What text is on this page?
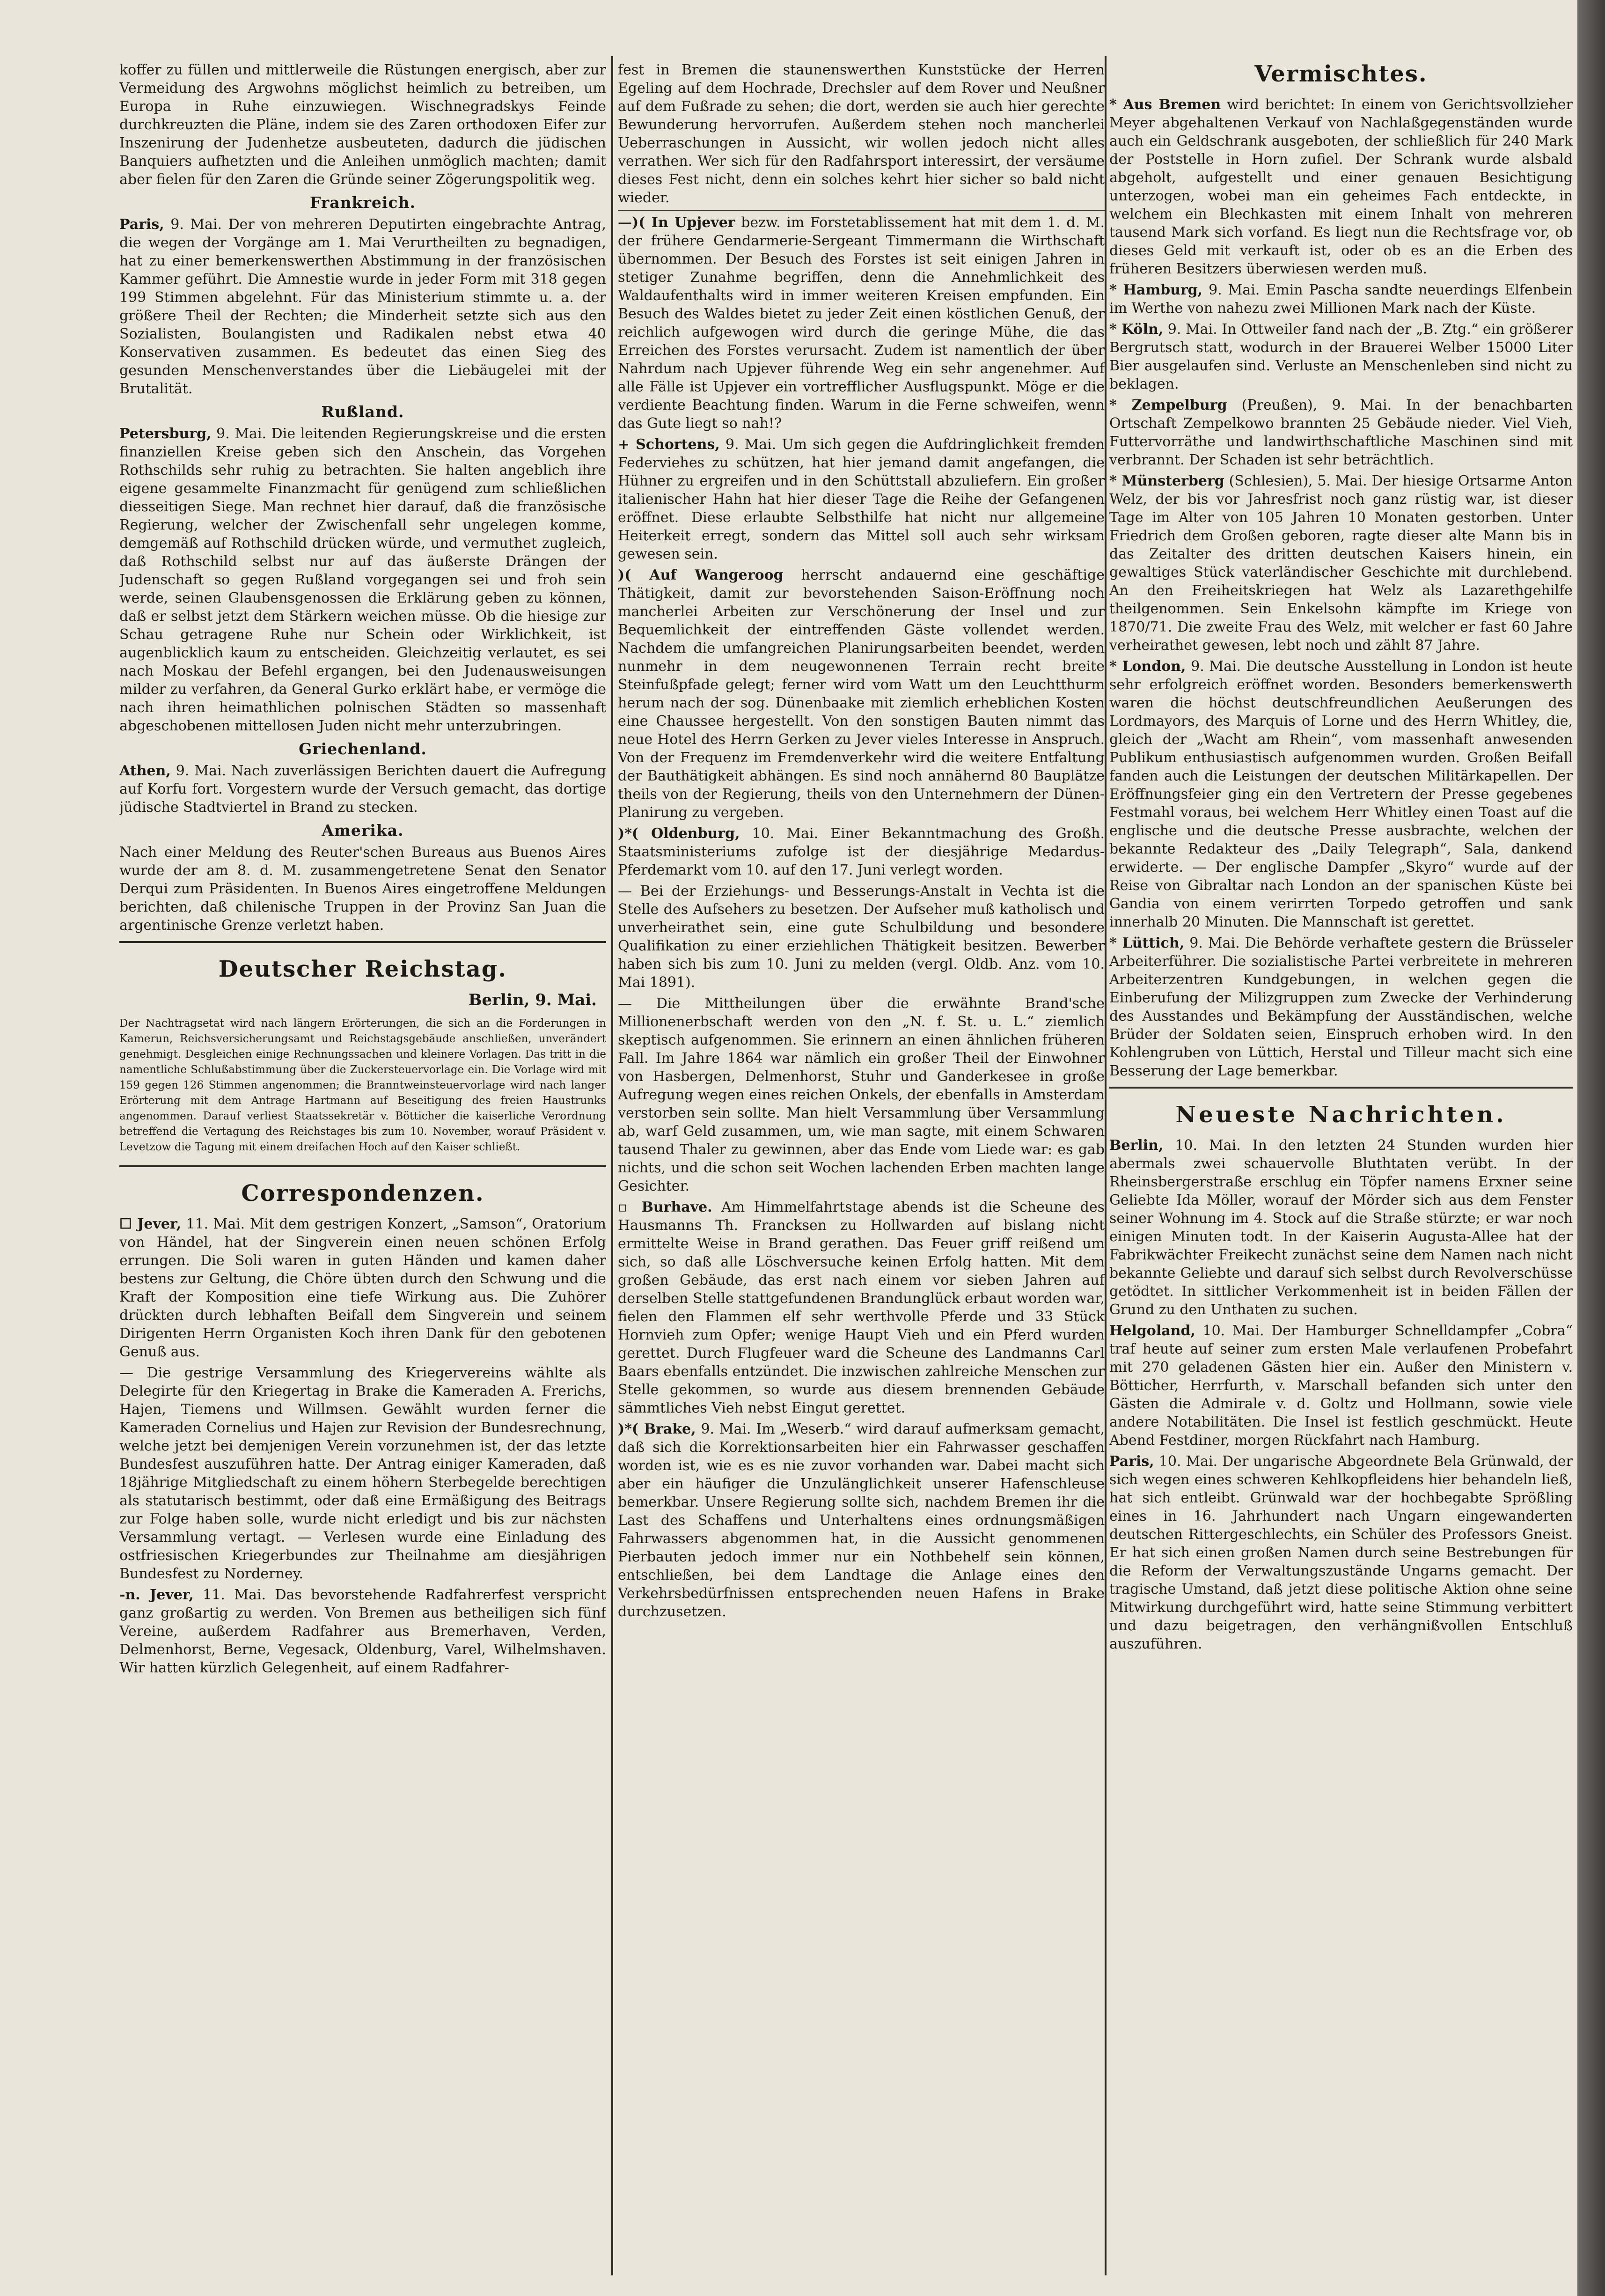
koffer zu füllen und mittlerweile die Rüstungen energisch, aber zur Vermeidung des Argwohns möglichst heimlich zu betreiben, um Europa in Ruhe einzuwiegen. Wischnegradskys Feinde durchkreuzten die Pläne, indem sie des Zaren orthodoxen Eifer zur Inszenirung der Judenhetze ausbeuteten, dadurch die jüdischen Banquiers aufhetzten und die Anleihen unmöglich machten; damit aber fielen für den Zaren die Gründe seiner Zögerungspolitik weg.

Frankreich.

Paris, 9. Mai. Der von mehreren Deputirten eingebrachte Antrag, die wegen der Vorgänge am 1. Mai Verurtheilten zu begnadigen, hat zu einer bemerkenswerthen Abstimmung in der französischen Kammer geführt. Die Amnestie wurde in jeder Form mit 318 gegen 199 Stimmen abgelehnt. Für das Ministerium stimmte u. a. der größere Theil der Rechten; die Minderheit setzte sich aus den Sozialisten, Boulangisten und Radikalen nebst etwa 40 Konservativen zusammen. Es bedeutet das einen Sieg des gesunden Menschenverstandes über die Liebäugelei mit der Brutalität.

Rußland.

Petersburg, 9. Mai. Die leitenden Regierungskreise und die ersten finanziellen Kreise geben sich den Anschein, das Vorgehen Rothschilds sehr ruhig zu betrachten. Sie halten angeblich ihre eigene gesammelte Finanzmacht für genügend zum schließlichen diesseitigen Siege. Man rechnet hier darauf, daß die französische Regierung, welcher der Zwischenfall sehr ungelegen komme, demgemäß auf Rothschild drücken würde, und vermuthet zugleich, daß Rothschild selbst nur auf das äußerste Drängen der Judenschaft so gegen Rußland vorgegangen sei und froh sein werde, seinen Glaubensgenossen die Erklärung geben zu können, daß er selbst jetzt dem Stärkern weichen müsse. Ob die hiesige zur Schau getragene Ruhe nur Schein oder Wirklichkeit, ist augenblicklich kaum zu entscheiden. Gleichzeitig verlautet, es sei nach Moskau der Befehl ergangen, bei den Judenausweisungen milder zu verfahren, da General Gurko erklärt habe, er vermöge die nach ihren heimathlichen polnischen Städten so massenhaft abgeschobenen mittellosen Juden nicht mehr unterzubringen.

Griechenland.

Athen, 9. Mai. Nach zuverlässigen Berichten dauert die Aufregung auf Korfu fort. Vorgestern wurde der Versuch gemacht, das dortige jüdische Stadtviertel in Brand zu stecken.

Amerika.

Nach einer Meldung des Reuter'schen Bureaus aus Buenos Aires wurde der am 8. d. M. zusammengetretene Senat den Senator Derqui zum Präsidenten. In Buenos Aires eingetroffene Meldungen berichten, daß chilenische Truppen in der Provinz San Juan die argentinische Grenze verletzt haben.

Deutscher Reichstag.
Berlin, 9. Mai.
Der Nachtragsetat wird nach längern Erörterungen, die sich an die Forderungen in Kamerun, Reichsversicherungsamt und Reichstagsgebäude anschließen, unverändert genehmigt. Desgleichen einige Rechnungssachen und kleinere Vorlagen. Das tritt in die namentliche Schlußabstimmung über die Zuckersteuervorlage ein. Die Vorlage wird mit 159 gegen 126 Stimmen angenommen; die Branntweinsteuervorlage wird nach langer Erörterung mit dem Antrage Hartmann auf Beseitigung des freien Haustrunks angenommen. Darauf verliest Staatssekretär v. Bötticher die kaiserliche Verordnung betreffend die Vertagung des Reichstages bis zum 10. November, worauf Präsident v. Levetzow die Tagung mit einem dreifachen Hoch auf den Kaiser schließt.
Correspondenzen.

☐ Jever, 11. Mai. Mit dem gestrigen Konzert, „Samson“, Oratorium von Händel, hat der Singverein einen neuen schönen Erfolg errungen. Die Soli waren in guten Händen und kamen daher bestens zur Geltung, die Chöre übten durch den Schwung und die Kraft der Komposition eine tiefe Wirkung aus. Die Zuhörer drückten durch lebhaften Beifall dem Singverein und seinem Dirigenten Herrn Organisten Koch ihren Dank für den gebotenen Genuß aus.

— Die gestrige Versammlung des Kriegervereins wählte als Delegirte für den Kriegertag in Brake die Kameraden A. Frerichs, Hajen, Tiemens und Willmsen. Gewählt wurden ferner die Kameraden Cornelius und Hajen zur Revision der Bundesrechnung, welche jetzt bei demjenigen Verein vorzunehmen ist, der das letzte Bundesfest auszuführen hatte. Der Antrag einiger Kameraden, daß 18jährige Mitgliedschaft zu einem höhern Sterbegelde berechtigen als statutarisch bestimmt, oder daß eine Ermäßigung des Beitrags zur Folge haben solle, wurde nicht erledigt und bis zur nächsten Versammlung vertagt. — Verlesen wurde eine Einladung des ostfriesischen Kriegerbundes zur Theilnahme am diesjährigen Bundesfest zu Norderney.

-n. Jever, 11. Mai. Das bevorstehende Radfahrerfest verspricht ganz großartig zu werden. Von Bremen aus betheiligen sich fünf Vereine, außerdem Radfahrer aus Bremerhaven, Verden, Delmenhorst, Berne, Vegesack, Oldenburg, Varel, Wilhelmshaven. Wir hatten kürzlich Gelegenheit, auf einem Radfahrer-

fest in Bremen die staunenswerthen Kunststücke der Herren Egeling auf dem Hochrade, Drechsler auf dem Rover und Neußner auf dem Fußrade zu sehen; die dort, werden sie auch hier gerechte Bewunderung hervorrufen. Außerdem stehen noch mancherlei Ueberraschungen in Aussicht, wir wollen jedoch nicht alles verrathen. Wer sich für den Radfahrsport interessirt, der versäume dieses Fest nicht, denn ein solches kehrt hier sicher so bald nicht wieder.

—)( In Upjever bezw. im Forstetablissement hat mit dem 1. d. M. der frühere Gendarmerie-Sergeant Timmermann die Wirthschaft übernommen. Der Besuch des Forstes ist seit einigen Jahren in stetiger Zunahme begriffen, denn die Annehmlichkeit des Waldaufenthalts wird in immer weiteren Kreisen empfunden. Ein Besuch des Waldes bietet zu jeder Zeit einen köstlichen Genuß, der reichlich aufgewogen wird durch die geringe Mühe, die das Erreichen des Forstes verursacht. Zudem ist namentlich der über Nahrdum nach Upjever führende Weg ein sehr angenehmer. Auf alle Fälle ist Upjever ein vortrefflicher Ausflugspunkt. Möge er die verdiente Beachtung finden. Warum in die Ferne schweifen, wenn das Gute liegt so nah!?

+ Schortens, 9. Mai. Um sich gegen die Aufdringlichkeit fremden Federviehes zu schützen, hat hier jemand damit angefangen, die Hühner zu ergreifen und in den Schüttstall abzuliefern. Ein großer italienischer Hahn hat hier dieser Tage die Reihe der Gefangenen eröffnet. Diese erlaubte Selbsthilfe hat nicht nur allgemeine Heiterkeit erregt, sondern das Mittel soll auch sehr wirksam gewesen sein.

)( Auf Wangeroog herrscht andauernd eine geschäftige Thätigkeit, damit zur bevorstehenden Saison-Eröffnung noch mancherlei Arbeiten zur Verschönerung der Insel und zur Bequemlichkeit der eintreffenden Gäste vollendet werden. Nachdem die umfangreichen Planirungsarbeiten beendet, werden nunmehr in dem neugewonnenen Terrain recht breite Steinfußpfade gelegt; ferner wird vom Watt um den Leuchtthurm herum nach der sog. Dünenbaake mit ziemlich erheblichen Kosten eine Chaussee hergestellt. Von den sonstigen Bauten nimmt das neue Hotel des Herrn Gerken zu Jever vieles Interesse in Anspruch. Von der Frequenz im Fremdenverkehr wird die weitere Entfaltung der Bauthätigkeit abhängen. Es sind noch annähernd 80 Bauplätze theils von der Regierung, theils von den Unternehmern der Dünen-Planirung zu vergeben.

)*( Oldenburg, 10. Mai. Einer Bekanntmachung des Großh. Staatsministeriums zufolge ist der diesjährige Medardus-Pferdemarkt vom 10. auf den 17. Juni verlegt worden.

— Bei der Erziehungs- und Besserungs-Anstalt in Vechta ist die Stelle des Aufsehers zu besetzen. Der Aufseher muß katholisch und unverheirathet sein, eine gute Schulbildung und besondere Qualifikation zu einer erziehlichen Thätigkeit besitzen. Bewerber haben sich bis zum 10. Juni zu melden (vergl. Oldb. Anz. vom 10. Mai 1891).

— Die Mittheilungen über die erwähnte Brand'sche Millionenerbschaft werden von den „N. f. St. u. L.“ ziemlich skeptisch aufgenommen. Sie erinnern an einen ähnlichen früheren Fall. Im Jahre 1864 war nämlich ein großer Theil der Einwohner von Hasbergen, Delmenhorst, Stuhr und Ganderkesee in große Aufregung wegen eines reichen Onkels, der ebenfalls in Amsterdam verstorben sein sollte. Man hielt Versammlung über Versammlung ab, warf Geld zusammen, um, wie man sagte, mit einem Schwaren tausend Thaler zu gewinnen, aber das Ende vom Liede war: es gab nichts, und die schon seit Wochen lachenden Erben machten lange Gesichter.

▫ Burhave. Am Himmelfahrtstage abends ist die Scheune des Hausmanns Th. Francksen zu Hollwarden auf bislang nicht ermittelte Weise in Brand gerathen. Das Feuer griff reißend um sich, so daß alle Löschversuche keinen Erfolg hatten. Mit dem großen Gebäude, das erst nach einem vor sieben Jahren auf derselben Stelle stattgefundenen Brandunglück erbaut worden war, fielen den Flammen elf sehr werthvolle Pferde und 33 Stück Hornvieh zum Opfer; wenige Haupt Vieh und ein Pferd wurden gerettet. Durch Flugfeuer ward die Scheune des Landmanns Carl Baars ebenfalls entzündet. Die inzwischen zahlreiche Menschen zur Stelle gekommen, so wurde aus diesem brennenden Gebäude sämmtliches Vieh nebst Eingut gerettet.

)*( Brake, 9. Mai. Im „Weserb.“ wird darauf aufmerksam gemacht, daß sich die Korrektionsarbeiten hier ein Fahrwasser geschaffen worden ist, wie es es nie zuvor vorhanden war. Dabei macht sich aber ein häufiger die Unzulänglichkeit unserer Hafenschleuse bemerkbar. Unsere Regierung sollte sich, nachdem Bremen ihr die Last des Schaffens und Unterhaltens eines ordnungsmäßigen Fahrwassers abgenommen hat, in die Aussicht genommenen Pierbauten jedoch immer nur ein Nothbehelf sein können, entschließen, bei dem Landtage die Anlage eines den Verkehrsbedürfnissen entsprechenden neuen Hafens in Brake durchzusetzen.

Vermischtes.

* Aus Bremen wird berichtet: In einem von Gerichtsvollzieher Meyer abgehaltenen Verkauf von Nachlaßgegenständen wurde auch ein Geldschrank ausgeboten, der schließlich für 240 Mark der Poststelle in Horn zufiel. Der Schrank wurde alsbald abgeholt, aufgestellt und einer genauen Besichtigung unterzogen, wobei man ein geheimes Fach entdeckte, in welchem ein Blechkasten mit einem Inhalt von mehreren tausend Mark sich vorfand. Es liegt nun die Rechtsfrage vor, ob dieses Geld mit verkauft ist, oder ob es an die Erben des früheren Besitzers überwiesen werden muß.

* Hamburg, 9. Mai. Emin Pascha sandte neuerdings Elfenbein im Werthe von nahezu zwei Millionen Mark nach der Küste.

* Köln, 9. Mai. In Ottweiler fand nach der „B. Ztg.“ ein größerer Bergrutsch statt, wodurch in der Brauerei Welber 15000 Liter Bier ausgelaufen sind. Verluste an Menschenleben sind nicht zu beklagen.

* Zempelburg (Preußen), 9. Mai. In der benachbarten Ortschaft Zempelkowo brannten 25 Gebäude nieder. Viel Vieh, Futtervorräthe und landwirthschaftliche Maschinen sind mit verbrannt. Der Schaden ist sehr beträchtlich.

* Münsterberg (Schlesien), 5. Mai. Der hiesige Ortsarme Anton Welz, der bis vor Jahresfrist noch ganz rüstig war, ist dieser Tage im Alter von 105 Jahren 10 Monaten gestorben. Unter Friedrich dem Großen geboren, ragte dieser alte Mann bis in das Zeitalter des dritten deutschen Kaisers hinein, ein gewaltiges Stück vaterländischer Geschichte mit durchlebend. An den Freiheitskriegen hat Welz als Lazarethgehilfe theilgenommen. Sein Enkelsohn kämpfte im Kriege von 1870/71. Die zweite Frau des Welz, mit welcher er fast 60 Jahre verheirathet gewesen, lebt noch und zählt 87 Jahre.

* London, 9. Mai. Die deutsche Ausstellung in London ist heute sehr erfolgreich eröffnet worden. Besonders bemerkenswerth waren die höchst deutschfreundlichen Aeußerungen des Lordmayors, des Marquis of Lorne und des Herrn Whitley, die, gleich der „Wacht am Rhein“, vom massenhaft anwesenden Publikum enthusiastisch aufgenommen wurden. Großen Beifall fanden auch die Leistungen der deutschen Militärkapellen. Der Eröffnungsfeier ging ein den Vertretern der Presse gegebenes Festmahl voraus, bei welchem Herr Whitley einen Toast auf die englische und die deutsche Presse ausbrachte, welchen der bekannte Redakteur des „Daily Telegraph“, Sala, dankend erwiderte. — Der englische Dampfer „Skyro“ wurde auf der Reise von Gibraltar nach London an der spanischen Küste bei Gandia von einem verirrten Torpedo getroffen und sank innerhalb 20 Minuten. Die Mannschaft ist gerettet.

* Lüttich, 9. Mai. Die Behörde verhaftete gestern die Brüsseler Arbeiterführer. Die sozialistische Partei verbreitete in mehreren Arbeiterzentren Kundgebungen, in welchen gegen die Einberufung der Milizgruppen zum Zwecke der Verhinderung des Ausstandes und Bekämpfung der Ausständischen, welche Brüder der Soldaten seien, Einspruch erhoben wird. In den Kohlengruben von Lüttich, Herstal und Tilleur macht sich eine Besserung der Lage bemerkbar.

Neueste Nachrichten.

Berlin, 10. Mai. In den letzten 24 Stunden wurden hier abermals zwei schauervolle Bluthtaten verübt. In der Rheinsbergerstraße erschlug ein Töpfer namens Erxner seine Geliebte Ida Möller, worauf der Mörder sich aus dem Fenster seiner Wohnung im 4. Stock auf die Straße stürzte; er war noch einigen Minuten todt. In der Kaiserin Augusta-Allee hat der Fabrikwächter Freikecht zunächst seine dem Namen nach nicht bekannte Geliebte und darauf sich selbst durch Revolverschüsse getödtet. In sittlicher Verkommenheit ist in beiden Fällen der Grund zu den Unthaten zu suchen.

Helgoland, 10. Mai. Der Hamburger Schnelldampfer „Cobra“ traf heute auf seiner zum ersten Male verlaufenen Probefahrt mit 270 geladenen Gästen hier ein. Außer den Ministern v. Bötticher, Herrfurth, v. Marschall befanden sich unter den Gästen die Admirale v. d. Goltz und Hollmann, sowie viele andere Notabilitäten. Die Insel ist festlich geschmückt. Heute Abend Festdiner, morgen Rückfahrt nach Hamburg.

Paris, 10. Mai. Der ungarische Abgeordnete Bela Grünwald, der sich wegen eines schweren Kehlkopfleidens hier behandeln ließ, hat sich entleibt. Grünwald war der hochbegabte Sprößling eines in 16. Jahrhundert nach Ungarn eingewanderten deutschen Rittergeschlechts, ein Schüler des Professors Gneist. Er hat sich einen großen Namen durch seine Bestrebungen für die Reform der Verwaltungszustände Ungarns gemacht. Der tragische Umstand, daß jetzt diese politische Aktion ohne seine Mitwirkung durchgeführt wird, hatte seine Stimmung verbittert und dazu beigetragen, den verhängnißvollen Entschluß auszuführen.
